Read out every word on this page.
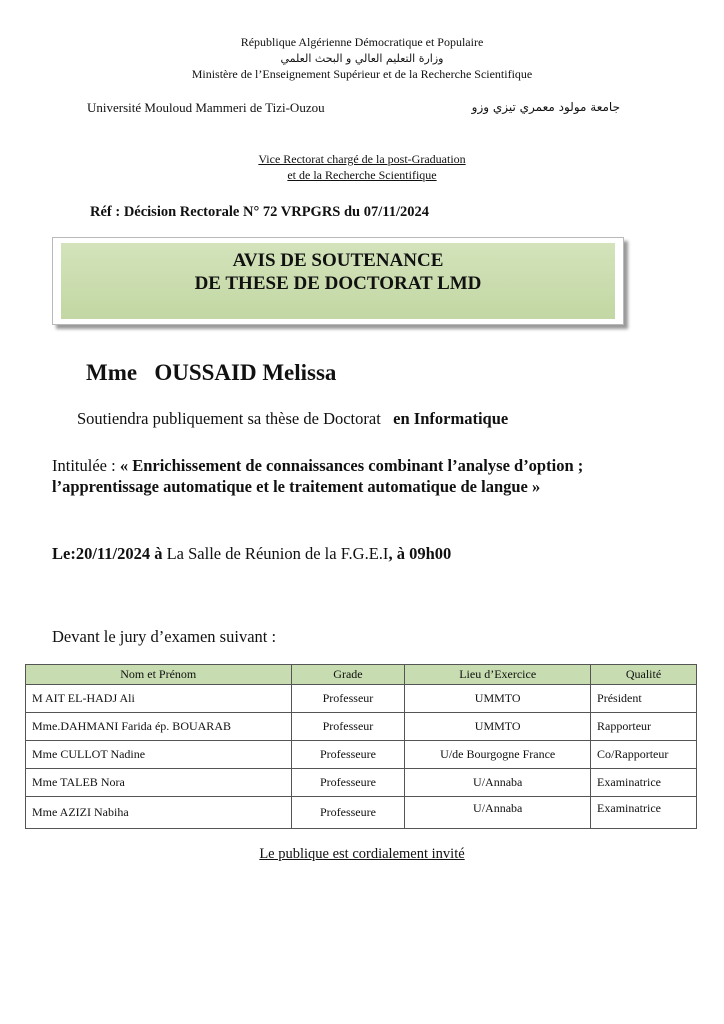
République Algérienne Démocratique et Populaire
وزارة التعليم العالي و البحث العلمي
Ministère de l’Enseignement Supérieur et de la Recherche Scientifique
Université Mouloud Mammeri de Tizi-Ouzou	جامعة مولود معمري تيزي وزو
Vice Rectorat chargé de la post-Graduation
et de la Recherche Scientifique
Réf : Décision Rectorale N° 72 VRPGRS du 07/11/2024
AVIS DE SOUTENANCE
DE THESE DE DOCTORAT LMD
Mme   OUSSAID Melissa
Soutiendra publiquement sa thèse de Doctorat   en Informatique
Intitulée : « Enrichissement de connaissances combinant l’analyse d’option ; l’apprentissage automatique et le traitement automatique de langue »
Le:20/11/2024 à La Salle de Réunion de la F.G.E.I, à 09h00
Devant le jury d’examen suivant :
Nom et Prénom	Grade	Lieu d’Exercice	Qualité
M AIT EL-HADJ Ali	Professeur	UMMTO	Président
Mme.DAHMANI Farida ép. BOUARAB	Professeur	UMMTO	Rapporteur
Mme CULLOT Nadine	Professeure	U/de Bourgogne France	Co/Rapporteur
Mme TALEB Nora	Professeure	U/Annaba	Examinatrice
Mme AZIZI Nabiha	Professeure	U/Annaba	Examinatrice
Le publique est cordialement invité
